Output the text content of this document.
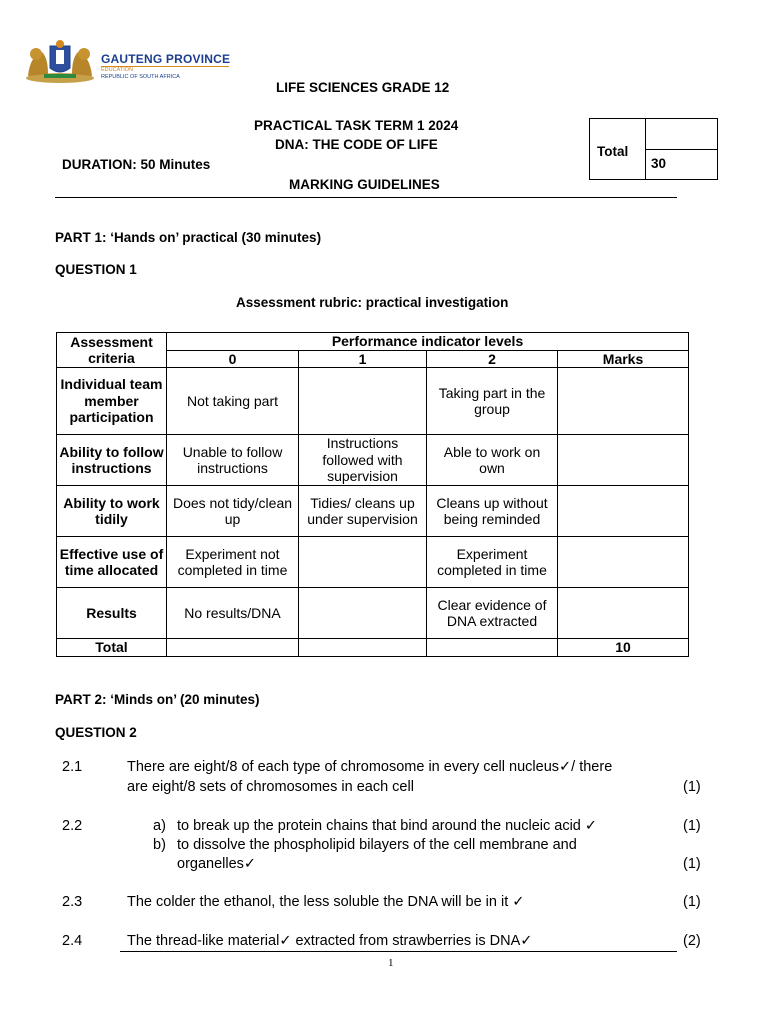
GAUTENG PROVINCE
EDUCATION
REPUBLIC OF SOUTH AFRICA
LIFE SCIENCES GRADE 12
PRACTICAL TASK TERM 1 2024
DNA: THE CODE OF LIFE
DURATION: 50 Minutes
MARKING GUIDELINES
Total
30
PART 1: ‘Hands on’ practical (30 minutes)
QUESTION 1
Assessment rubric: practical investigation
Assessment criteria	Performance indicator levels			
	0	1	2	Marks
Individual team member participation	Not taking part		Taking part in the group	
Ability to follow instructions	Unable to follow instructions	Instructions followed with supervision	Able to work on own	
Ability to work tidily	Does not tidy/clean up	Tidies/ cleans up under supervision	Cleans up without being reminded	
Effective use of time allocated	Experiment not completed in time		Experiment completed in time	
Results	No results/DNA		Clear evidence of DNA extracted	
Total				10
PART 2: ‘Minds on’ (20 minutes)
QUESTION 2
2.1	There are eight/8 of each type of chromosome in every cell nucleus✓/ there
are eight/8 sets of chromosomes in each cell	(1)
2.2	a) to break up the protein chains that bind around the nucleic acid ✓	(1)
b) to dissolve the phospholipid bilayers of the cell membrane and
organelles✓	(1)
2.3	The colder the ethanol, the less soluble the DNA will be in it ✓	(1)
2.4	The thread-like material✓ extracted from strawberries is DNA✓	(2)
1
